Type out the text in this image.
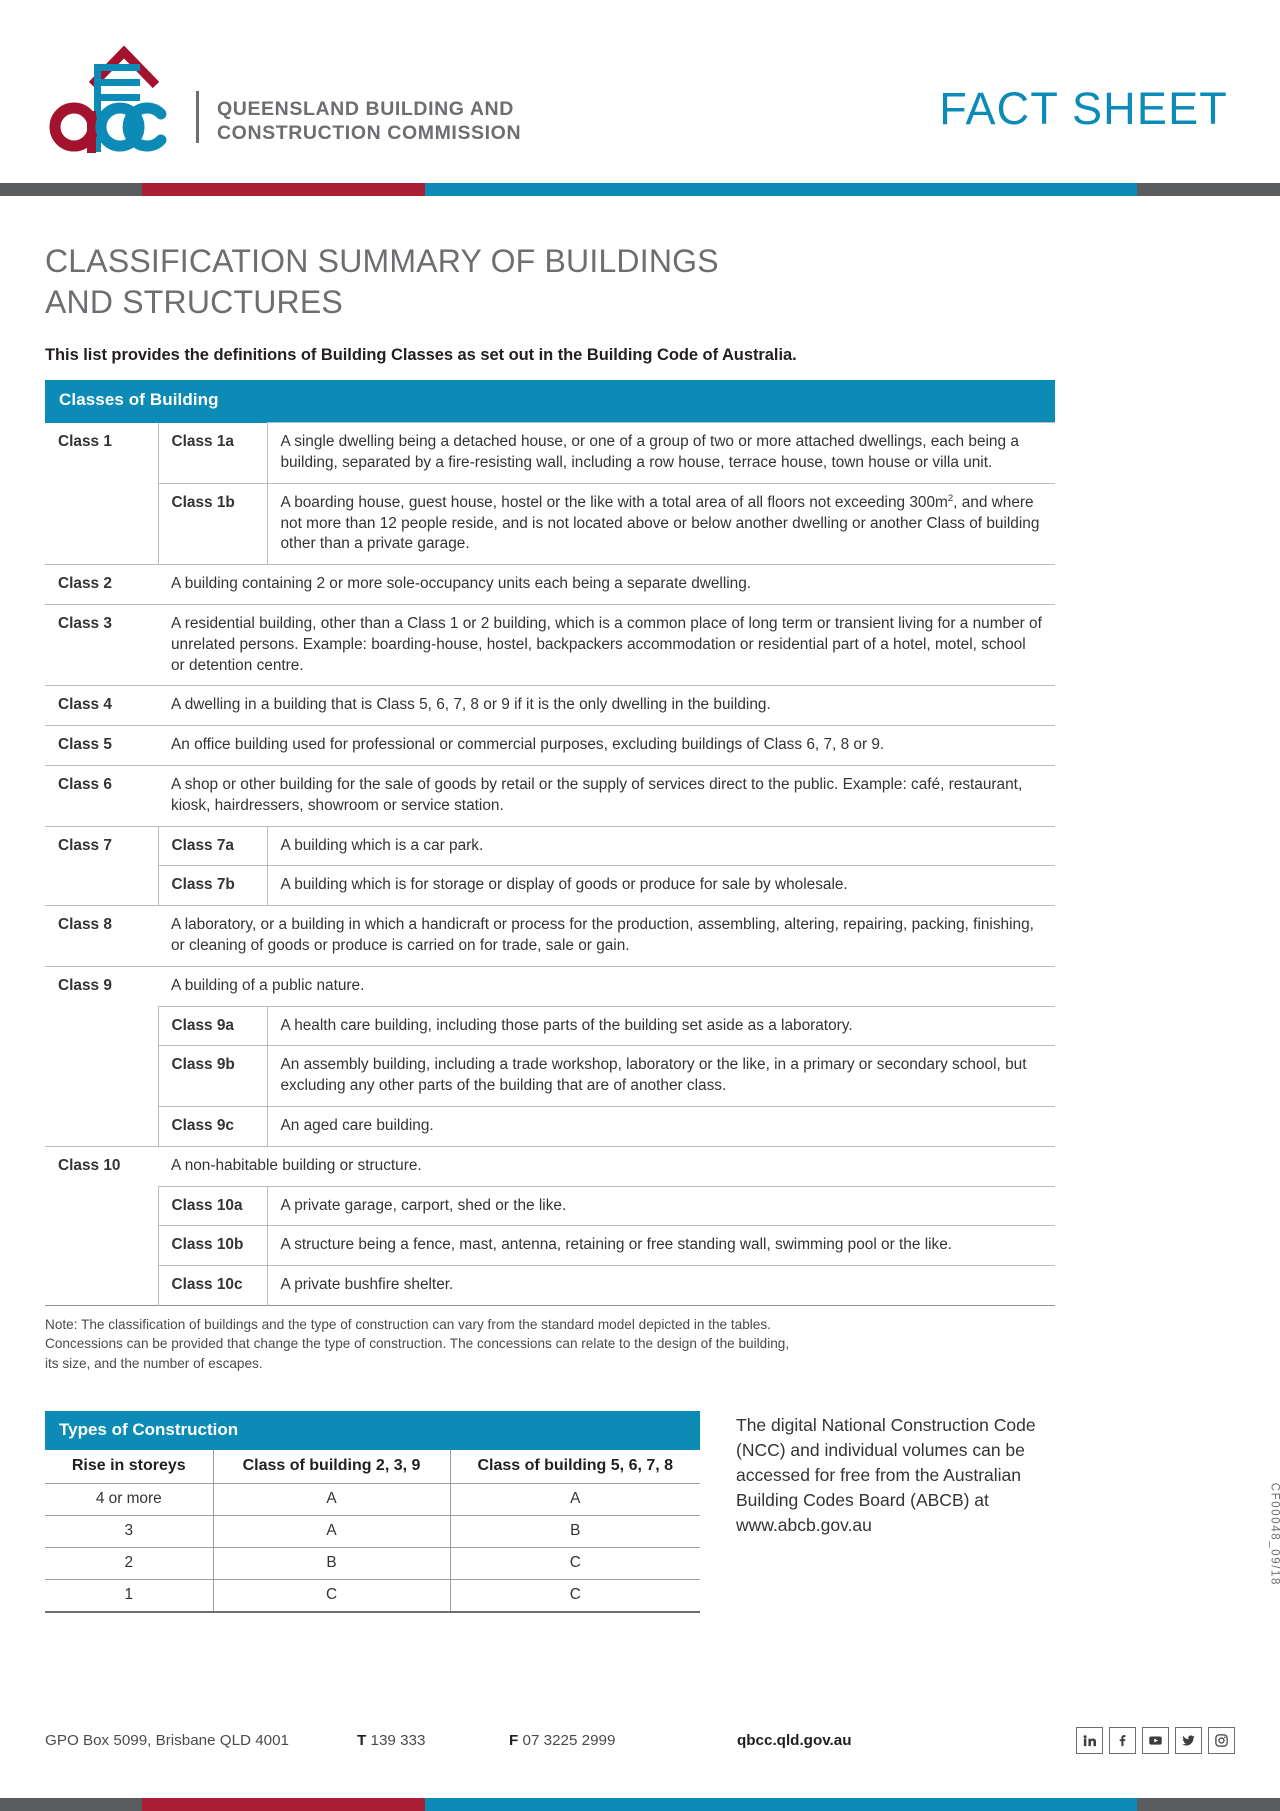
QUEENSLAND BUILDING AND
CONSTRUCTION COMMISSION	FACT SHEET
CLASSIFICATION SUMMARY OF BUILDINGS
AND STRUCTURES

This list provides the definitions of Building Classes as set out in the Building Code of Australia.

Classes of Building		
Class 1	Class 1a	A single dwelling being a detached house, or one of a group of two or more attached dwellings, each being a building, separated by a fire-resisting wall, including a row house, terrace house, town house or villa unit.
	Class 1b	A boarding house, guest house, hostel or the like with a total area of all floors not exceeding $300m^2$, and where not more than 12 people reside, and is not located above or below another dwelling or another Class of building other than a private garage.
Class 2	A building containing 2 or more sole-occupancy units each being a separate dwelling.	
Class 3	A residential building, other than a Class 1 or 2 building, which is a common place of long term or transient living for a number of unrelated persons. Example: boarding-house, hostel, backpackers accommodation or residential part of a hotel, motel, school or detention centre.	
Class 4	A dwelling in a building that is Class 5, 6, 7, 8 or 9 if it is the only dwelling in the building.	
Class 5	An office building used for professional or commercial purposes, excluding buildings of Class 6, 7, 8 or 9.	
Class 6	A shop or other building for the sale of goods by retail or the supply of services direct to the public. Example: café, restaurant, kiosk, hairdressers, showroom or service station.	
Class 7	Class 7a	A building which is a car park.
	Class 7b	A building which is for storage or display of goods or produce for sale by wholesale.
Class 8	A laboratory, or a building in which a handicraft or process for the production, assembling, altering, repairing, packing, finishing, or cleaning of goods or produce is carried on for trade, sale or gain.	
Class 9	A building of a public nature.	
	Class 9a	A health care building, including those parts of the building set aside as a laboratory.
	Class 9b	An assembly building, including a trade workshop, laboratory or the like, in a primary or secondary school, but excluding any other parts of the building that are of another class.
	Class 9c	An aged care building.
Class 10	A non-habitable building or structure.	
	Class 10a	A private garage, carport, shed or the like.
	Class 10b	A structure being a fence, mast, antenna, retaining or free standing wall, swimming pool or the like.
	Class 10c	A private bushfire shelter.

Note: The classification of buildings and the type of construction can vary from the standard model depicted in the tables.
Concessions can be provided that change the type of construction. The concessions can relate to the design of the building,
its size, and the number of escapes.
Types of Construction		
Rise in storeys	Class of building 2, 3, 9	Class of building 5, 6, 7, 8
4 or more	A	A
3	A	B
2	B	C
1	C	C
The digital National Construction Code (NCC) and individual volumes can be accessed for free from the Australian Building Codes Board (ABCB) at www.abcb.gov.au	CF00048_09/18
GPO Box 5099, Brisbane QLD 4001	T 139 333	F 07 3225 2999	qbcc.qld.gov.au
